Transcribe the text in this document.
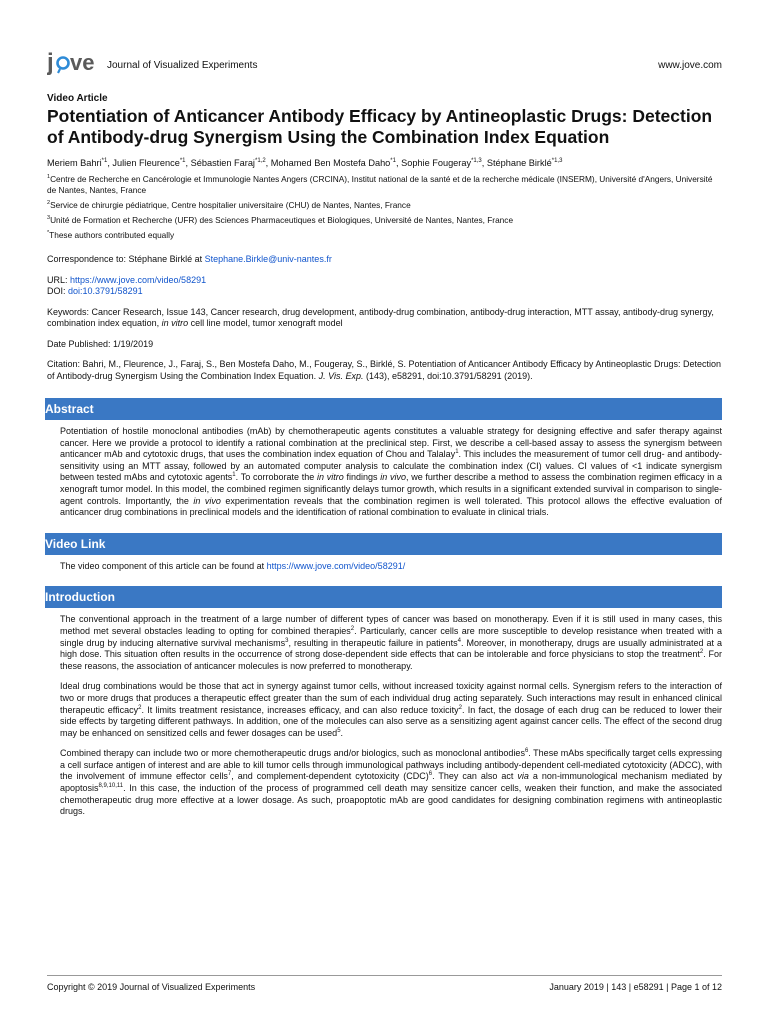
j ve Journal of Visualized Experiments	www.jove.com
Video Article
Potentiation of Anticancer Antibody Efficacy by Antineoplastic Drugs: Detection of Antibody-drug Synergism Using the Combination Index Equation
Meriem Bahri$^{*1}$, Julien Fleurence$^{*1}$, Sébastien Faraj$^{*1,2}$, Mohamed Ben Mostefa Daho$^{*1}$, Sophie Fougeray$^{*1,3}$, Stéphane Birklé$^{*1,3}$
$^1$Centre de Recherche en Cancérologie et Immunologie Nantes Angers (CRCINA), Institut national de la santé et de la recherche médicale (INSERM), Université d'Angers, Université de Nantes, Nantes, France
$^2$Service de chirurgie pédiatrique, Centre hospitalier universitaire (CHU) de Nantes, Nantes, France
$^3$Unité de Formation et Recherche (UFR) des Sciences Pharmaceutiques et Biologiques, Université de Nantes, Nantes, France
*These authors contributed equally

Correspondence to: Stéphane Birklé at Stephane.Birkle@univ-nantes.fr

URL: https://www.jove.com/video/58291

DOI: doi:10.3791/58291

Keywords: Cancer Research, Issue 143, Cancer research, drug development, antibody-drug combination, antibody-drug interaction, MTT assay, antibody-drug synergy, combination index equation, in vitro cell line model, tumor xenograft model

Date Published: 1/19/2019

Citation: Bahri, M., Fleurence, J., Faraj, S., Ben Mostefa Daho, M., Fougeray, S., Birklé, S. Potentiation of Anticancer Antibody Efficacy by Antineoplastic Drugs: Detection of Antibody-drug Synergism Using the Combination Index Equation. J. Vis. Exp. (143), e58291, doi:10.3791/58291 (2019).

Abstract

Potentiation of hostile monoclonal antibodies (mAb) by chemotherapeutic agents constitutes a valuable strategy for designing effective and safer therapy against cancer. Here we provide a protocol to identify a rational combination at the preclinical step. First, we describe a cell-based assay to assess the synergism between anticancer mAb and cytotoxic drugs, that uses the combination index equation of Chou and Talalay$^1$. This includes the measurement of tumor cell drug- and antibody-sensitivity using an MTT assay, followed by an automated computer analysis to calculate the combination index (CI) values. CI values of <1 indicate synergism between tested mAbs and cytotoxic agents$^1$. To corroborate the in vitro findings in vivo, we further describe a method to assess the combination regimen efficacy in a xenograft tumor model. In this model, the combined regimen significantly delays tumor growth, which results in a significant extended survival in comparison to single-agent controls. Importantly, the in vivo experimentation reveals that the combination regimen is well tolerated. This protocol allows the effective evaluation of anticancer drug combinations in preclinical models and the identification of rational combination to evaluate in clinical trials.

Video Link

The video component of this article can be found at https://www.jove.com/video/58291/

Introduction

The conventional approach in the treatment of a large number of different types of cancer was based on monotherapy. Even if it is still used in many cases, this method met several obstacles leading to opting for combined therapies$^2$. Particularly, cancer cells are more susceptible to develop resistance when treated with a single drug by inducing alternative survival mechanisms$^3$, resulting in therapeutic failure in patients$^4$. Moreover, in monotherapy, drugs are usually administrated at a high dose. This situation often results in the occurrence of strong dose-dependent side effects that can be intolerable and force physicians to stop the treatment$^2$. For these reasons, the association of anticancer molecules is now preferred to monotherapy.

Ideal drug combinations would be those that act in synergy against tumor cells, without increased toxicity against normal cells. Synergism refers to the interaction of two or more drugs that produces a therapeutic effect greater than the sum of each individual drug acting separately. Such interactions may result in enhanced clinical therapeutic efficacy$^2$. It limits treatment resistance, increases efficacy, and can also reduce toxicity$^2$. In fact, the dosage of each drug can be reduced to lower their side effects by targeting different pathways. In addition, one of the molecules can also serve as a sensitizing agent against cancer cells. The effect of the second drug may be enhanced on sensitized cells and fewer dosages can be used$^5$.

Combined therapy can include two or more chemotherapeutic drugs and/or biologics, such as monoclonal antibodies$^6$. These mAbs specifically target cells expressing a cell surface antigen of interest and are able to kill tumor cells through immunological pathways including antibody-dependent cell-mediated cytotoxicity (ADCC), with the involvement of immune effector cells$^7$, and complement-dependent cytotoxicity (CDC)$^6$. They can also act via a non-immunological mechanism mediated by apoptosis$^{8,9,10,11}$. In this case, the induction of the process of programmed cell death may sensitize cancer cells, weaken their function, and make the associated chemotherapeutic drug more effective at a lower dosage. As such, proapoptotic mAb are good candidates for designing combination regimens with antineoplastic drugs.

Copyright © 2019 Journal of Visualized Experiments	January 2019 | 143 | e58291 | Page 1 of 12
